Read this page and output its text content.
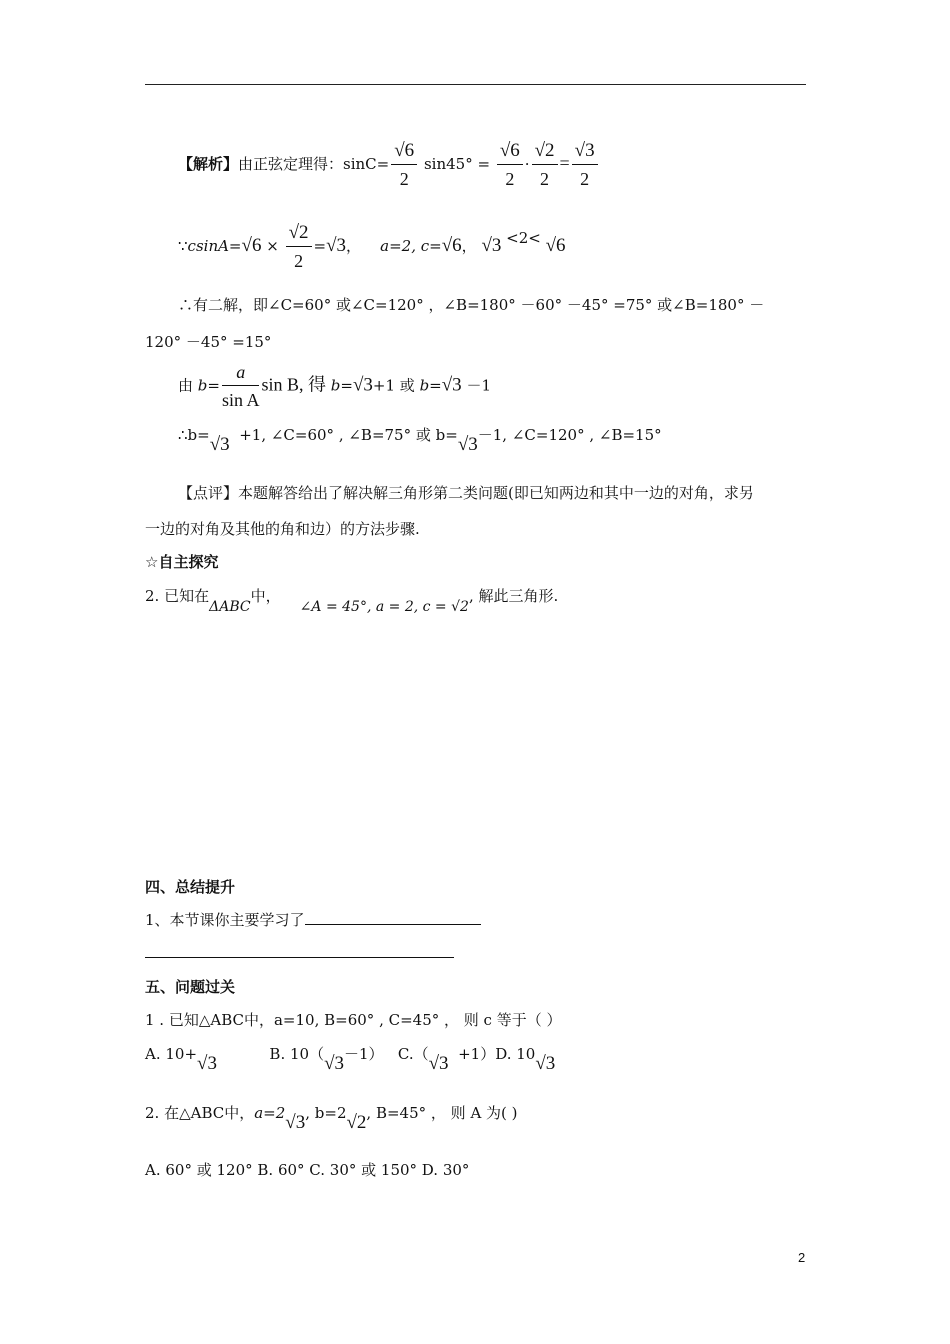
【解析】由正弦定理得：$\sin C= \frac{√6}{2} \sin 45^\circ = \frac{√6}{2} \cdot \frac{√2}{2} = \frac{√3}{2}$
∵csinA=√6 × $\frac{√2}{2} =√3$， a=2, c=√6， √3 <2< √6
∴有二解，即∠C=60° 或∠C=120° ，∠B=180° －60° －45° =75° 或∠B=180° －
120° －45° =15°
由 $b= \frac{a}{\text{sin A}}$ sin B, 得 b=√3+1 或 b=√3 －1
∴b=√3 +1, ∠C=60° , ∠B=75° 或 b=√3－1, ∠C=120° , ∠B=15°
【点评】本题解答给出了解决解三角形第二类问题(即已知两边和其中一边的对角，求另
一边的对角及其他的角和边）的方法步骤.
☆自主探究
2. 已知在ΔABC中，    ∠A = 45°, a = 2, c = √2, 解此三角形.
四、总结提升
1、本节课你主要学习了
五、问题过关
1 . 已知△ABC中，a=10, B=60° , C=45° ， 则 c 等于（ ）
A. 10+√3	B. 10（√3－1） C.（√3 +1）D. 10√3
2. 在△ABC中，a=2√3, b=2√2, B=45° ， 则 A 为( )
A. 60° 或 120° B. 60° C. 30° 或 150° D. 30°
2
